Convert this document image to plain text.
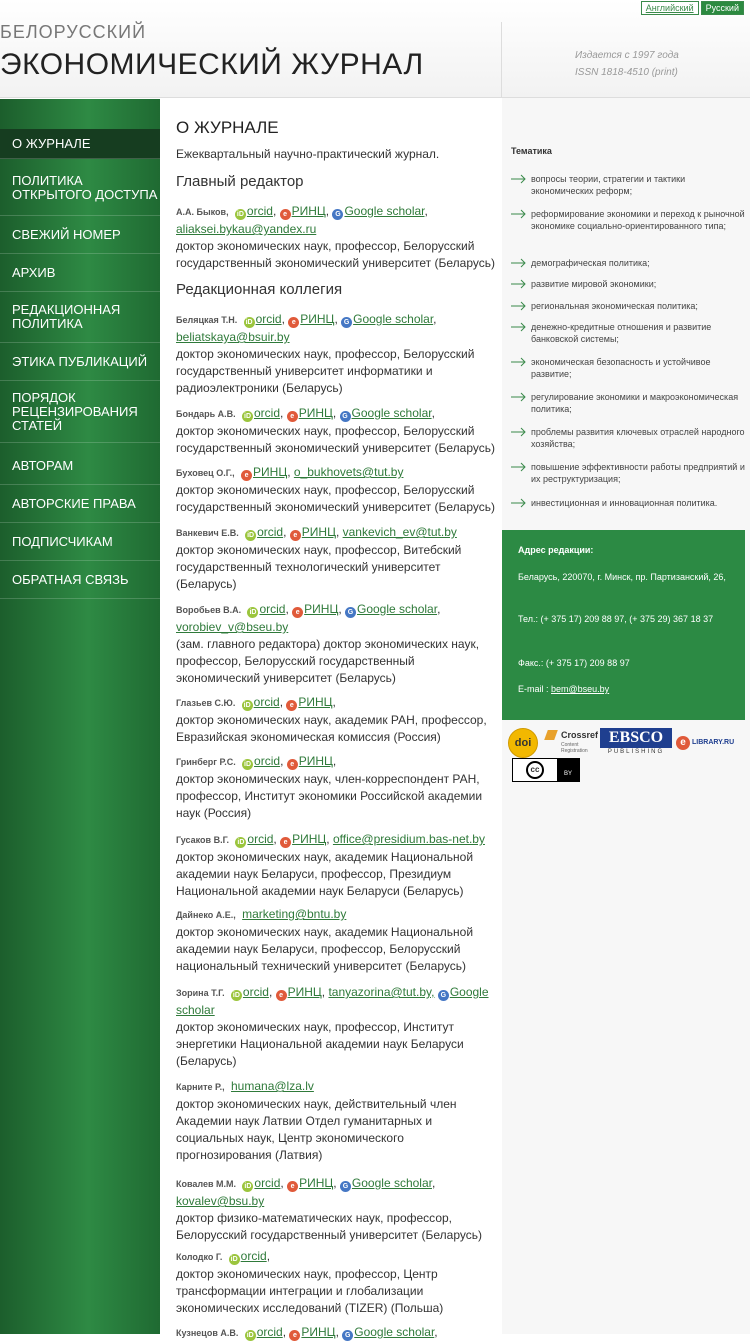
БЕЛОРУССКИЙ
ЭКОНОМИЧЕСКИЙ ЖУРНАЛ	Издается с 1997 года
ISSN 1818-4510 (print)
Английский	Русский
О ЖУРНАЛЕ
ПОЛИТИКА ОТКРЫТОГО ДОСТУПА
СВЕЖИЙ НОМЕР
АРХИВ
РЕДАКЦИОННАЯ ПОЛИТИКА
ЭТИКА ПУБЛИКАЦИЙ
ПОРЯДОК РЕЦЕНЗИРОВАНИЯ СТАТЕЙ
АВТОРАМ
АВТОРСКИЕ ПРАВА
ПОДПИСЧИКАМ
ОБРАТНАЯ СВЯЗЬ
О ЖУРНАЛЕ
Ежеквартальный научно-практический журнал.
Главный редактор
Редакционная коллегия
А.А. Быков, iD orcid, e РИНЦ, G Google scholar, aliaksei.bykau@yandex.ru
доктор экономических наук, профессор, Белорусский государственный экономический университет (Беларусь)
Беляцкая Т.Н. iD orcid, e РИНЦ, G Google scholar, beliatskaya@bsuir.by
доктор экономических наук, профессор, Белорусский государственный университет информатики и радиоэлектроники (Беларусь)
Бондарь А.В. iD orcid, e РИНЦ, G Google scholar,
доктор экономических наук, профессор, Белорусский государственный экономический университет (Беларусь)
Буховец О.Г., e РИНЦ, o_bukhovets@tut.by
доктор экономических наук, профессор, Белорусский государственный экономический университет (Беларусь)
Ванкевич Е.В. iD orcid, e РИНЦ, vankevich_ev@tut.by
доктор экономических наук, профессор, Витебский государственный технологический университет (Беларусь)
Воробьев В.А. iD orcid, e РИНЦ, G Google scholar, vorobiev_v@bseu.by
(зам. главного редактора) доктор экономических наук, профессор, Белорусский государственный экономический университет (Беларусь)
Глазьев С.Ю. iD orcid, e РИНЦ,
доктор экономических наук, академик РАН, профессор, Евразийская экономическая комиссия (Россия)
Гринберг Р.С. iD orcid, e РИНЦ,
доктор экономических наук, член-корреспондент РАН, профессор, Институт экономики Российской академии наук (Россия)
Гусаков В.Г. iD orcid, e РИНЦ, office@presidium.bas-net.by
доктор экономических наук, академик Национальной академии наук Беларуси, профессор, Президиум Национальной академии наук Беларуси (Беларусь)
Дайнеко А.Е., marketing@bntu.by
доктор экономических наук, академик Национальной академии наук Беларуси, профессор, Белорусский национальный технический университет (Беларусь)
Зорина Т.Г. iD orcid, e РИНЦ, tanyazorina@tut.by, G Google scholar
доктор экономических наук, профессор, Институт энергетики Национальной академии наук Беларуси (Беларусь)
Карнитe Р., humana@lza.lv
доктор экономических наук, действительный член Академии наук Латвии Отдел гуманитарных и социальных наук, Центр экономического прогнозирования (Латвия)
Ковалев М.М. iD orcid, e РИНЦ, G Google scholar, kovalev@bsu.by
доктор физико-математических наук, профессор, Белорусский государственный университет (Беларусь)
Колодко Г. iD orcid,
доктор экономических наук, профессор, Центр трансформации интеграции и глобализации экономических исследований (TIZER) (Польша)
Кузнецов А.В. iD orcid, e РИНЦ, G Google scholar,
Тематика
вопросы теории, стратегии и тактики экономических реформ;
реформирование экономики и переход к рыночной экономике социально-ориентированного типа;
демографическая политика;
развитие мировой экономики;
региональная экономическая политика;
денежно-кредитные отношения и развитие банковской системы;
экономическая безопасность и устойчивое развитие;
регулирование экономики и макроэкономическая политика;
проблемы развития ключевых отраслей народного хозяйства;
повышение эффективности работы предприятий и их реструктуризация;
инвестиционная и инновационная политика.
Адрес редакции:
Беларусь, 220070, г. Минск, пр. Партизанский, 26,
Тел.: (+ 375 17) 209 88 97, (+ 375 29) 367 18 37
Факс.: (+ 375 17) 209 88 97
E-mail : bem@bseu.by
doi
Crossref
Content Registration
EBSCO
PUBLISHING
e LIBRARY.RU
cc	BY
